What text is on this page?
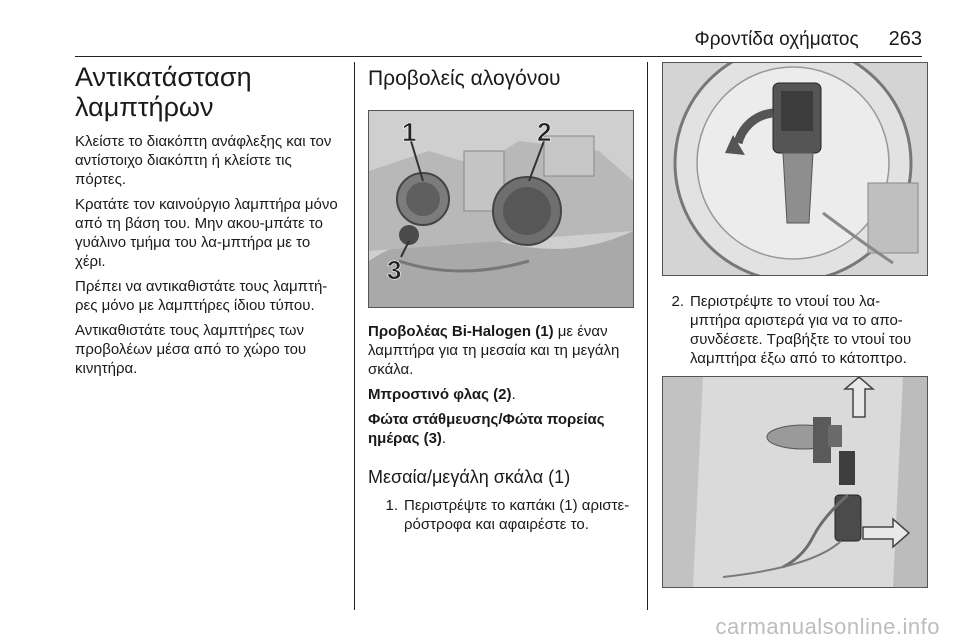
Φροντίδα οχήματος 263
Αντικατάσταση
λαμπτήρων

Κλείστε το διακόπτη ανάφλεξης και τον αντίστοιχο διακόπτη ή κλείστε τις πόρτες.

Κρατάτε τον καινούργιο λαμπτήρα μόνο από τη βάση του. Μην ακου-μπάτε το γυάλινο τμήμα του λα-μπτήρα με το χέρι.

Πρέπει να αντικαθιστάτε τους λαμπτή-ρες μόνο με λαμπτήρες ίδιου τύπου.

Αντικαθιστάτε τους λαμπτήρες των προβολέων μέσα από το χώρο του κινητήρα.

Προβολείς αλογόνου
1	2
3

Προβολέας Bi-Halogen (1) με έναν λαμπτήρα για τη μεσαία και τη μεγάλη σκάλα.

Μπροστινό φλας (2).

Φώτα στάθμευσης/Φώτα πορείας ημέρας (3).

Μεσαία/μεγάλη σκάλα (1)
1. Περιστρέψτε το καπάκι (1) αριστε-ρόστροφα και αφαιρέστε το.
2. Περιστρέψτε το ντουί του λα-μπτήρα αριστερά για να το απο-συνδέσετε. Τραβήξτε το ντουί του λαμπτήρα έξω από το κάτοπτρο.
carmanualsonline.info
